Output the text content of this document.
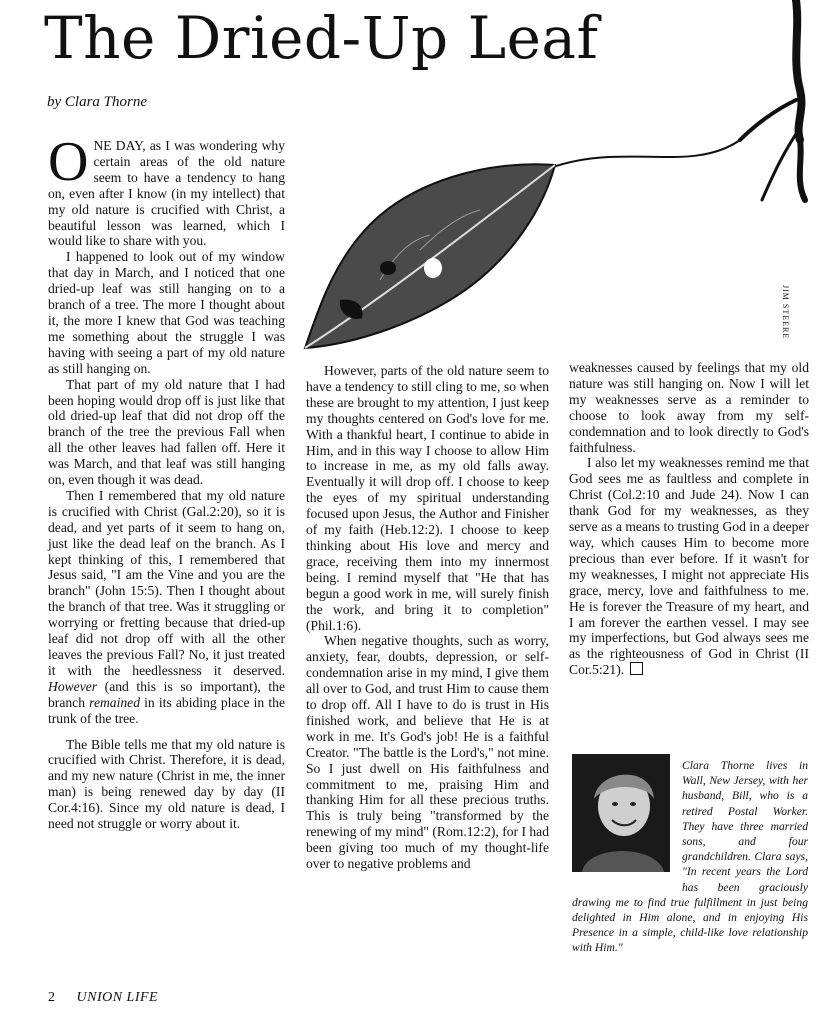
The Dried-Up Leaf
by Clara Thorne

ONE DAY, as I was wondering why certain areas of the old nature seem to have a tendency to hang on, even after I know (in my intellect) that my old nature is crucified with Christ, a beautiful lesson was learned, which I would like to share with you.

I happened to look out of my window that day in March, and I noticed that one dried-up leaf was still hanging on to a branch of a tree. The more I thought about it, the more I knew that God was teaching me something about the struggle I was having with seeing a part of my old nature as still hanging on.

That part of my old nature that I had been hoping would drop off is just like that old dried-up leaf that did not drop off the branch of the tree the previous Fall when all the other leaves had fallen off. Here it was March, and that leaf was still hanging on, even though it was dead.

Then I remembered that my old nature is crucified with Christ (Gal.2:20), so it is dead, and yet parts of it seem to hang on, just like the dead leaf on the branch. As I kept thinking of this, I remembered that Jesus said, "I am the Vine and you are the branch" (John 15:5). Then I thought about the branch of that tree. Was it struggling or worrying or fretting because that dried-up leaf did not drop off with all the other leaves the previous Fall? No, it just treated it with the heedlessness it deserved. However (and this is so important), the branch remained in its abiding place in the trunk of the tree.

The Bible tells me that my old nature is crucified with Christ. Therefore, it is dead, and my new nature (Christ in me, the inner man) is being renewed day by day (II Cor.4:16). Since my old nature is dead, I need not struggle or worry about it.

However, parts of the old nature seem to have a tendency to still cling to me, so when these are brought to my attention, I just keep my thoughts centered on God's love for me. With a thankful heart, I continue to abide in Him, and in this way I choose to allow Him to increase in me, as my old falls away. Eventually it will drop off. I choose to keep the eyes of my spiritual understanding focused upon Jesus, the Author and Finisher of my faith (Heb.12:2). I choose to keep thinking about His love and mercy and grace, receiving them into my innermost being. I remind myself that "He that has begun a good work in me, will surely finish the work, and bring it to completion" (Phil.1:6).

When negative thoughts, such as worry, anxiety, fear, doubts, depression, or self-condemnation arise in my mind, I give them all over to God, and trust Him to cause them to drop off. All I have to do is trust in His finished work, and believe that He is at work in me. It's God's job! He is a faithful Creator. "The battle is the Lord's," not mine. So I just dwell on His faithfulness and commitment to me, praising Him and thanking Him for all these precious truths. This is truly being "transformed by the renewing of my mind" (Rom.12:2), for I had been giving too much of my thought-life over to negative problems and

weaknesses caused by feelings that my old nature was still hanging on. Now I will let my weaknesses serve as a reminder to choose to look away from my self-condemnation and to look directly to God's faithfulness.

I also let my weaknesses remind me that God sees me as faultless and complete in Christ (Col.2:10 and Jude 24). Now I can thank God for my weaknesses, as they serve as a means to trusting God in a deeper way, which causes Him to become more precious than ever before. If it wasn't for my weaknesses, I might not appreciate His grace, mercy, love and faithfulness to me. He is forever the Treasure of my heart, and I am forever the earthen vessel. I may see my imperfections, but God always sees me as the righteousness of God in Christ (II Cor.5:21).

Clara Thorne lives in Wall, New Jersey, with her husband, Bill, who is a retired Postal Worker. They have three married sons, and four grandchildren. Clara says, "In recent years the Lord has been graciously drawing me to find true fulfillment in just being delighted in Him alone, and in enjoying His Presence in a simple, child-like love relationship with Him."
JIM STEERE
2 UNION LIFE
